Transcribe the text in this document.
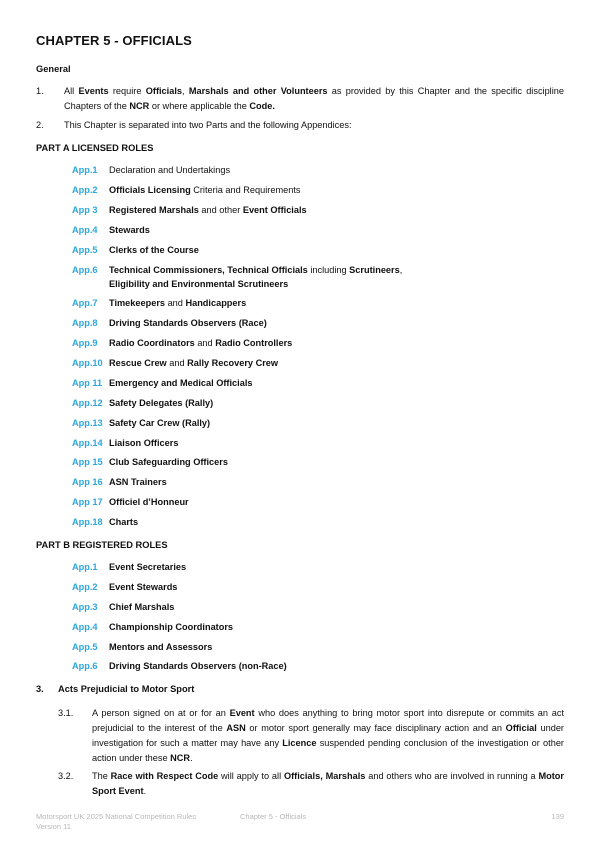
CHAPTER 5 - OFFICIALS
General
1. All Events require Officials, Marshals and other Volunteers as provided by this Chapter and the specific discipline Chapters of the NCR or where applicable the Code.
2. This Chapter is separated into two Parts and the following Appendices:
PART A LICENSED ROLES
App.1 Declaration and Undertakings
App.2 Officials Licensing Criteria and Requirements
App 3 Registered Marshals and other Event Officials
App.4 Stewards
App.5 Clerks of the Course
App.6 Technical Commissioners, Technical Officials including Scrutineers,
Eligibility and Environmental Scrutineers
App.7 Timekeepers and Handicappers
App.8 Driving Standards Observers (Race)
App.9 Radio Coordinators and Radio Controllers
App.10 Rescue Crew and Rally Recovery Crew
App 11 Emergency and Medical Officials
App.12 Safety Delegates (Rally)
App.13 Safety Car Crew (Rally)
App.14 Liaison Officers
App 15 Club Safeguarding Officers
App 16 ASN Trainers
App 17 Officiel d’Honneur
App.18 Charts
PART B REGISTERED ROLES
App.1 Event Secretaries
App.2 Event Stewards
App.3 Chief Marshals
App.4 Championship Coordinators
App.5 Mentors and Assessors
App.6 Driving Standards Observers (non-Race)
3. Acts Prejudicial to Motor Sport
3.1. A person signed on at or for an Event who does anything to bring motor sport into disrepute or commits an act prejudicial to the interest of the ASN or motor sport generally may face disciplinary action and an Official under investigation for such a matter may have any Licence suspended pending conclusion of the investigation or other action under these NCR.
3.2. The Race with Respect Code will apply to all Officials, Marshals and others who are involved in running a Motor Sport Event.
Motorsport UK 2025 National Competition Rules
Version 11
Chapter 5 - Officials	139
